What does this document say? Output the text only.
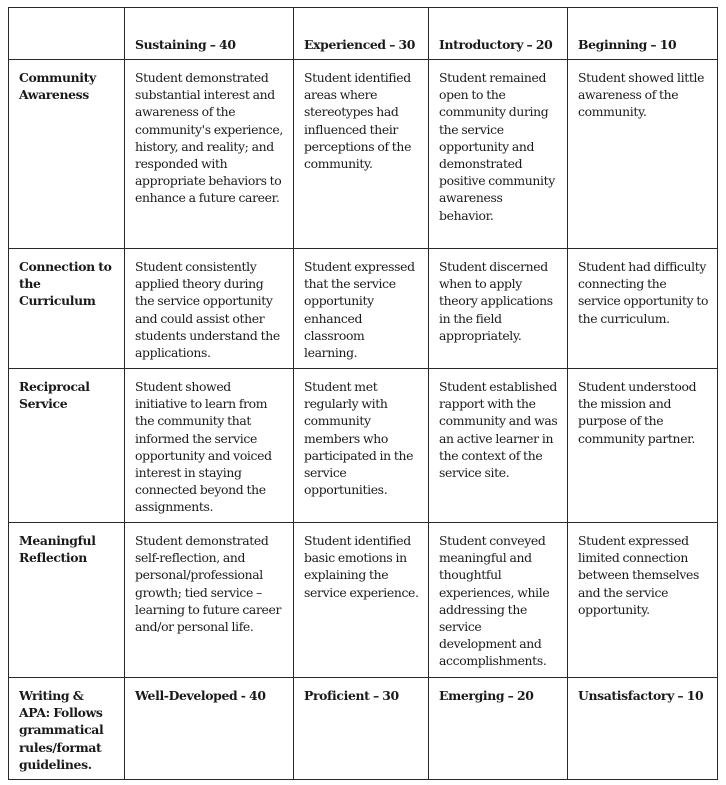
	Sustaining – 40	Experienced – 30	Introductory – 20	Beginning – 10
Community Awareness	Student demonstrated substantial interest and awareness of the community's experience, history, and reality; and responded with appropriate behaviors to enhance a future career.	Student identified areas where stereotypes had influenced their perceptions of the community.	Student remained open to the community during the service opportunity and demonstrated positive community awareness behavior.	Student showed little awareness of the community.
Connection to the Curriculum	Student consistently applied theory during the service opportunity and could assist other students understand the applications.	Student expressed that the service opportunity enhanced classroom learning.	Student discerned when to apply theory applications in the field appropriately.	Student had difficulty connecting the service opportunity to the curriculum.
Reciprocal Service	Student showed initiative to learn from the community that informed the service opportunity and voiced interest in staying connected beyond the assignments.	Student met regularly with community members who participated in the service opportunities.	Student established rapport with the community and was an active learner in the context of the service site.	Student understood the mission and purpose of the community partner.
Meaningful Reflection	Student demonstrated self-reflection, and personal/professional growth; tied service – learning to future career and/or personal life.	Student identified basic emotions in explaining the service experience.	Student conveyed meaningful and thoughtful experiences, while addressing the service development and accomplishments.	Student expressed limited connection between themselves and the service opportunity.
Writing & APA: Follows grammatical rules/format guidelines.	Well-Developed - 40	Proficient – 30	Emerging – 20	Unsatisfactory – 10
